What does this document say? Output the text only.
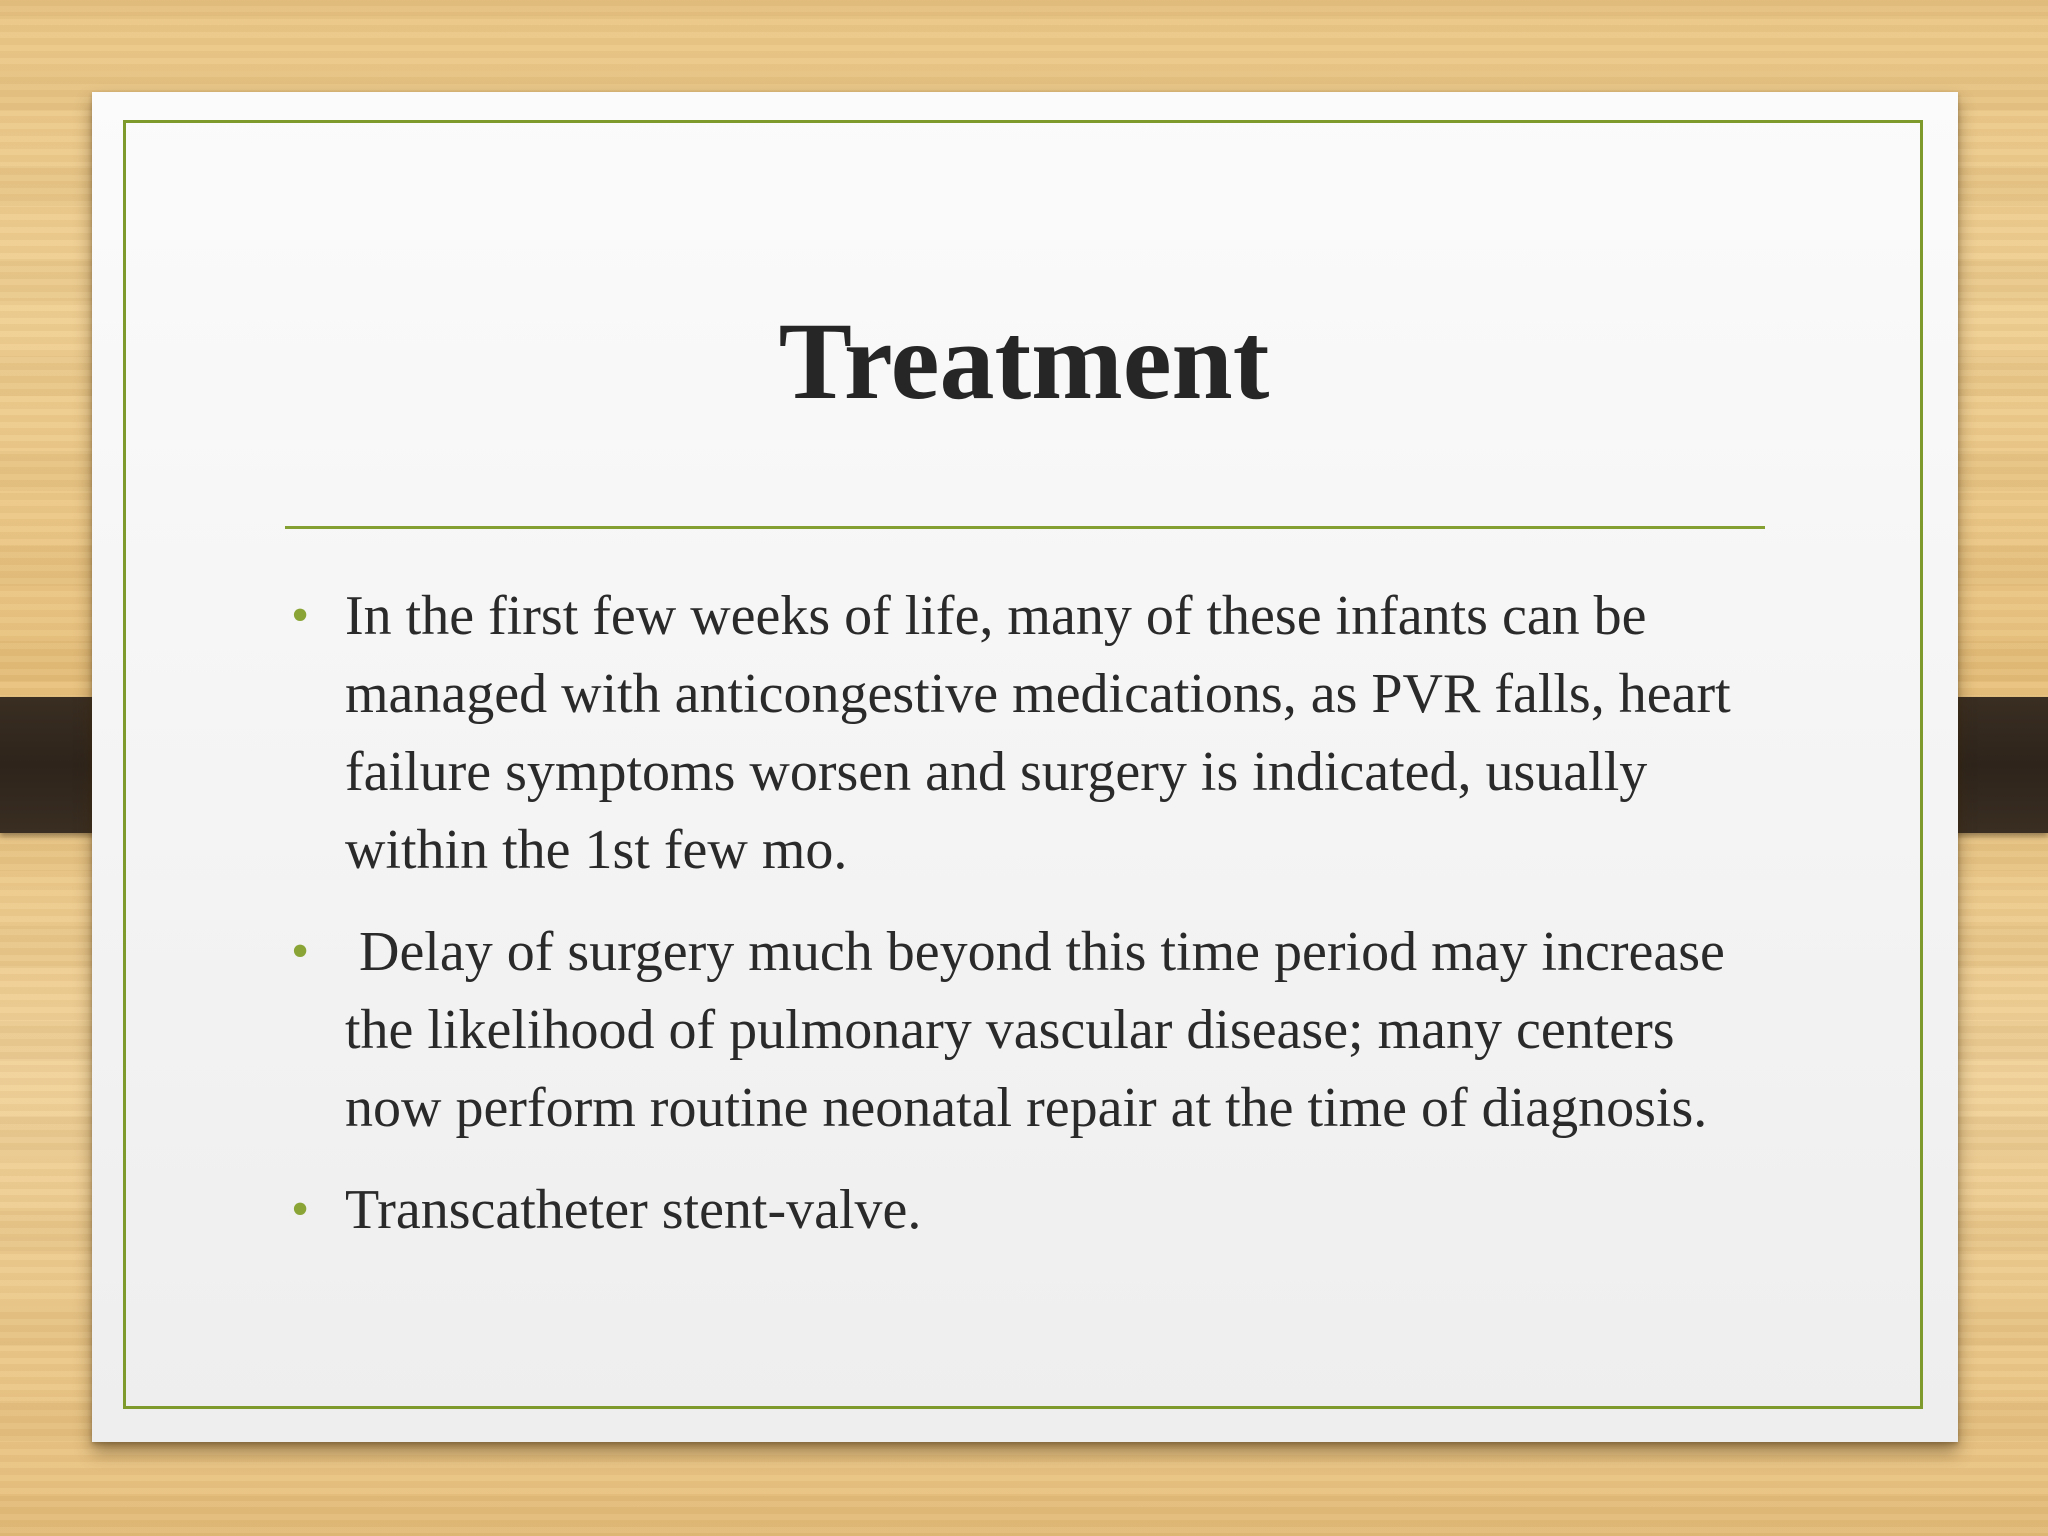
Treatment
• In the first few weeks of life, many of these infants can be managed with anticongestive medications, as PVR falls, heart failure symptoms worsen and surgery is indicated, usually within the 1st few mo.
• Delay of surgery much beyond this time period may increase the likelihood of pulmonary vascular disease; many centers now perform routine neonatal repair at the time of diagnosis.
• Transcatheter stent-valve.
